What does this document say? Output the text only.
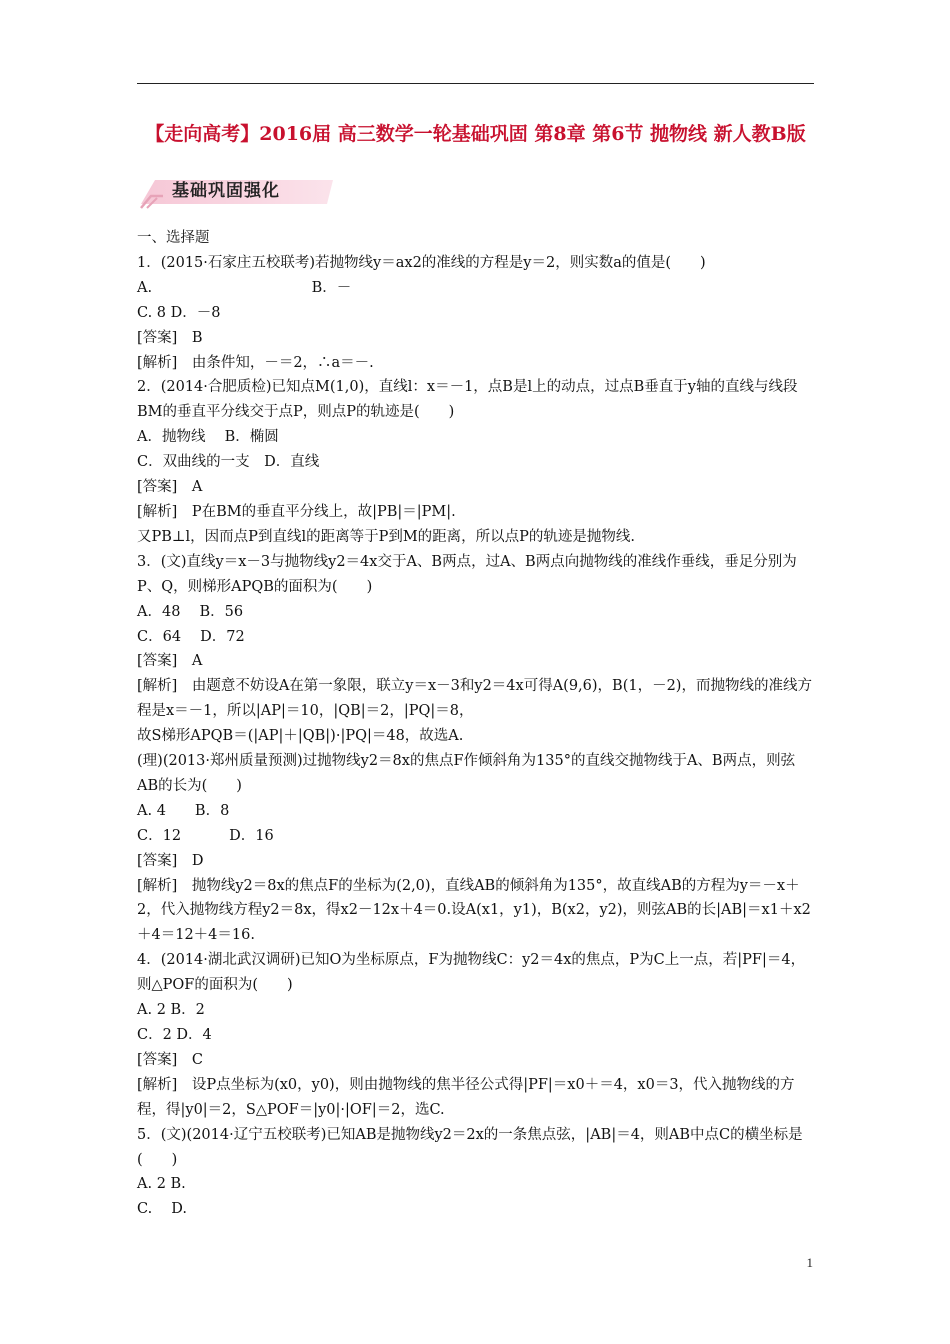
【走向高考】2016届 高三数学一轮基础巩固 第8章 第6节 抛物线 新人教B版
基础巩固强化
一、选择题
1．(2015·石家庄五校联考)若抛物线y＝ax2的准线的方程是y＝2，则实数a的值是(　　)
A.　　　　　　　　　　　B．－
C. 8 D．－8
[答案]　B
[解析]　由条件知，－＝2，∴a＝－.
2．(2014·合肥质检)已知点M(1,0)，直线l：x＝－1，点B是l上的动点，过点B垂直于y轴的直线与线段BM的垂直平分线交于点P，则点P的轨迹是(　　)
A．抛物线　 B．椭圆
C．双曲线的一支　D．直线
[答案]　A
[解析]　P在BM的垂直平分线上，故|PB|＝|PM|.
又PB⊥l，因而点P到直线l的距离等于P到M的距离，所以点P的轨迹是抛物线.
3．(文)直线y＝x－3与抛物线y2＝4x交于A、B两点，过A、B两点向抛物线的准线作垂线，垂足分别为P、Q，则梯形APQB的面积为(　　)
A．48　 B．56
C．64　 D．72
[答案]　A
[解析]　由题意不妨设A在第一象限，联立y＝x－3和y2＝4x可得A(9,6)，B(1，－2)，而抛物线的准线方程是x＝－1，所以|AP|＝10，|QB|＝2，|PQ|＝8，
故S梯形APQB＝(|AP|＋|QB|)·|PQ|＝48，故选A.
(理)(2013·郑州质量预测)过抛物线y2＝8x的焦点F作倾斜角为135°的直线交抛物线于A、B两点，则弦AB的长为(　　)
A. 4　　B．8
C．12　　　 D．16
[答案]　D
[解析]　抛物线y2＝8x的焦点F的坐标为(2,0)，直线AB的倾斜角为135°，故直线AB的方程为y＝－x＋2，代入抛物线方程y2＝8x，得x2－12x＋4＝0.设A(x1，y1)，B(x2，y2)，则弦AB的长|AB|＝x1＋x2＋4＝12＋4＝16.
4．(2014·湖北武汉调研)已知O为坐标原点，F为抛物线C：y2＝4x的焦点，P为C上一点，若|PF|＝4，则△POF的面积为(　　)
A. 2 B．2
C．2 D．4
[答案]　C
[解析]　设P点坐标为(x0，y0)，则由抛物线的焦半径公式得|PF|＝x0＋＝4，x0＝3，代入抛物线的方程，得|y0|＝2，S△POF＝|y0|·|OF|＝2，选C.
5．(文)(2014·辽宁五校联考)已知AB是抛物线y2＝2x的一条焦点弦，|AB|＝4，则AB中点C的横坐标是(　　)
A. 2 B.
C.　 D.
1
